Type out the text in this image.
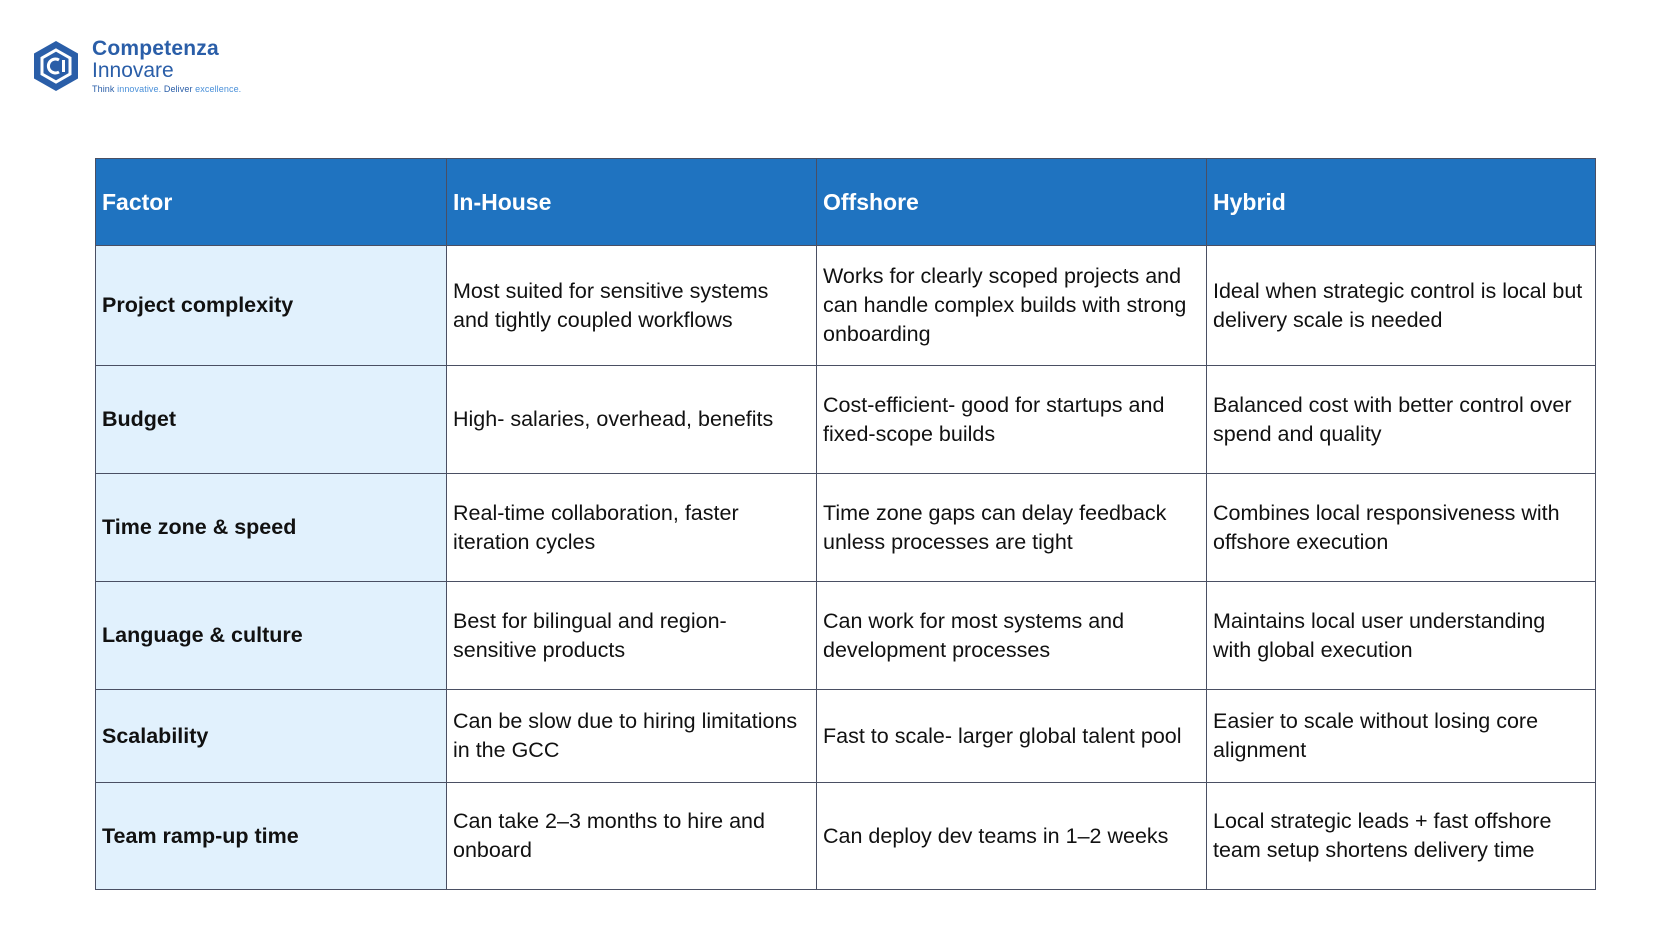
Competenza
Innovare
Think innovative. Deliver excellence.
Factor	In-House	Offshore	Hybrid
Project complexity	Most suited for sensitive systems and tightly coupled workflows	Works for clearly scoped projects and can handle complex builds with strong onboarding	Ideal when strategic control is local but delivery scale is needed
Budget	High- salaries, overhead, benefits	Cost-efficient- good for startups and fixed-scope builds	Balanced cost with better control over spend and quality
Time zone & speed	Real-time collaboration, faster iteration cycles	Time zone gaps can delay feedback unless processes are tight	Combines local responsiveness with offshore execution
Language & culture	Best for bilingual and region-sensitive products	Can work for most systems and development processes	Maintains local user understanding with global execution
Scalability	Can be slow due to hiring limitations in the GCC	Fast to scale- larger global talent pool	Easier to scale without losing core alignment
Team ramp-up time	Can take 2–3 months to hire and onboard	Can deploy dev teams in 1–2 weeks	Local strategic leads + fast offshore team setup shortens delivery time
